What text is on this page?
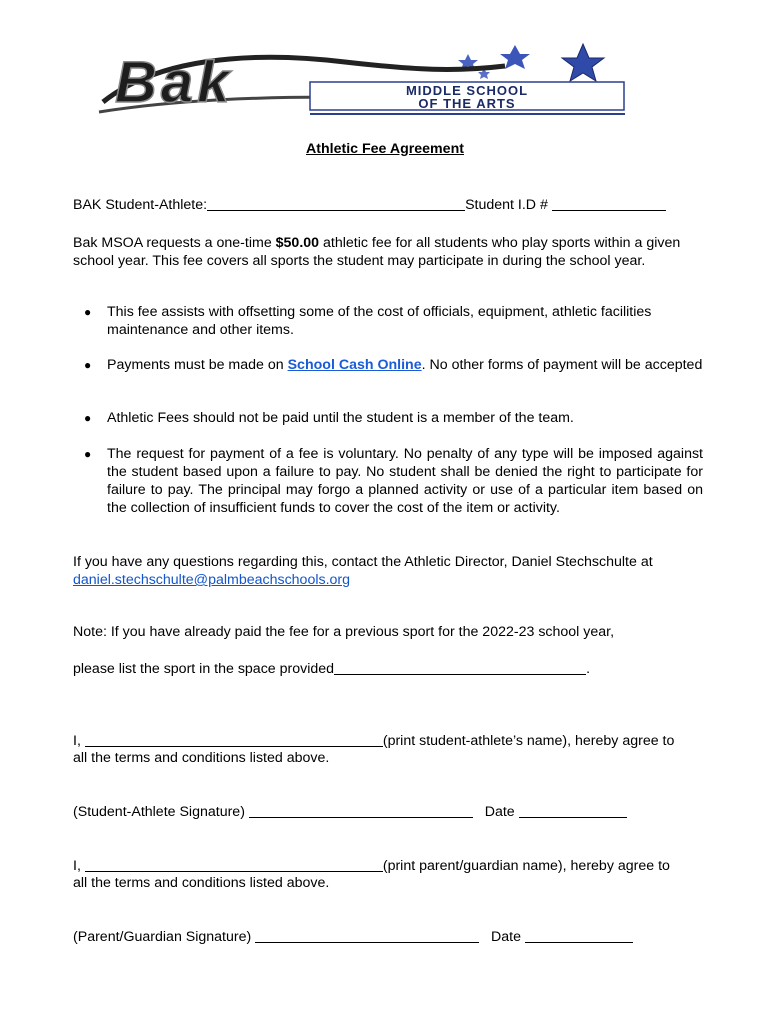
Bak	MIDDLE SCHOOL
OF THE ARTS
Athletic Fee Agreement
BAK Student-Athlete:	Student I.D #
Bak MSOA requests a one-time $50.00 athletic fee for all students who play sports within a given school year. This fee covers all sports the student may participate in during the school year.
●	This fee assists with offsetting some of the cost of officials, equipment, athletic facilities maintenance and other items.
●	Payments must be made on School Cash Online. No other forms of payment will be accepted
●	Athletic Fees should not be paid until the student is a member of the team.
●	The request for payment of a fee is voluntary. No penalty of any type will be imposed against the student based upon a failure to pay. No student shall be denied the right to participate for failure to pay. The principal may forgo a planned activity or use of a particular item based on the collection of insufficient funds to cover the cost of the item or activity.
If you have any questions regarding this, contact the Athletic Director, Daniel Stechschulte at
daniel.stechschulte@palmbeachschools.org
Note: If you have already paid the fee for a previous sport for the 2022-23 school year,
please list the sport in the space provided	.
I,	(print student-athlete’s name), hereby agree to
all the terms and conditions listed above.
(Student-Athlete Signature)	Date
I,	(print parent/guardian name), hereby agree to
all the terms and conditions listed above.
(Parent/Guardian Signature)	Date
